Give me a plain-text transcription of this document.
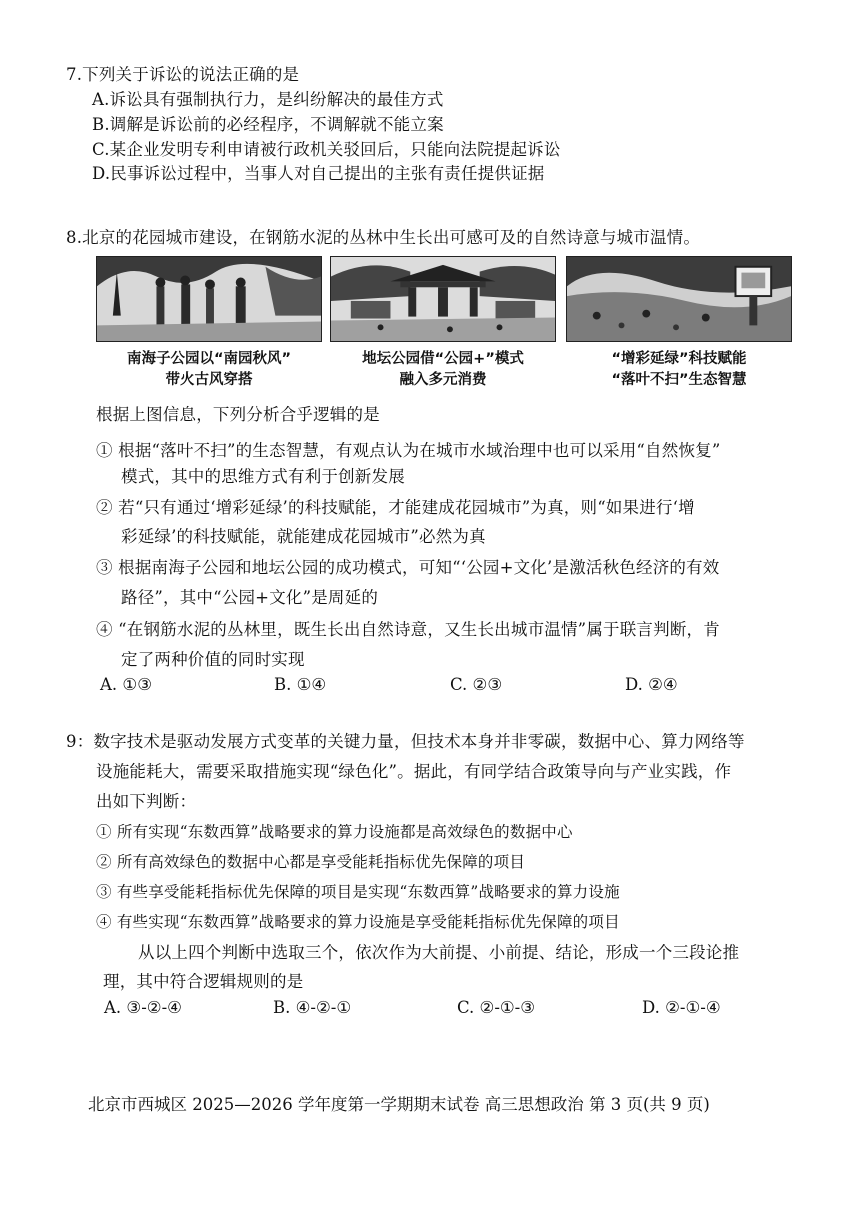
7.下列关于诉讼的说法正确的是
A.诉讼具有强制执行力，是纠纷解决的最佳方式
B.调解是诉讼前的必经程序，不调解就不能立案
C.某企业发明专利申请被行政机关驳回后，只能向法院提起诉讼
D.民事诉讼过程中，当事人对自己提出的主张有责任提供证据
8.北京的花园城市建设，在钢筋水泥的丛林中生长出可感可及的自然诗意与城市温情。
南海子公园以“南园秋风”
带火古风穿搭
地坛公园借“公园+”模式
融入多元消费
“增彩延绿”科技赋能
“落叶不扫”生态智慧
根据上图信息，下列分析合乎逻辑的是
① 根据“落叶不扫”的生态智慧，有观点认为在城市水域治理中也可以采用“自然恢复”
模式，其中的思维方式有利于创新发展
② 若“只有通过‘增彩延绿’的科技赋能，才能建成花园城市”为真，则“如果进行‘增
彩延绿’的科技赋能，就能建成花园城市”必然为真
③ 根据南海子公园和地坛公园的成功模式，可知“‘公园+文化’是激活秋色经济的有效
路径”，其中“公园+文化”是周延的
④ “在钢筋水泥的丛林里，既生长出自然诗意，又生长出城市温情”属于联言判断，肯
定了两种价值的同时实现
A. ①③	B. ①④	C. ②③	D. ②④
9：数字技术是驱动发展方式变革的关键力量，但技术本身并非零碳，数据中心、算力网络等
设施能耗大，需要采取措施实现“绿色化”。据此，有同学结合政策导向与产业实践，作
出如下判断：
① 所有实现“东数西算”战略要求的算力设施都是高效绿色的数据中心
② 所有高效绿色的数据中心都是享受能耗指标优先保障的项目
③ 有些享受能耗指标优先保障的项目是实现“东数西算”战略要求的算力设施
④ 有些实现“东数西算”战略要求的算力设施是享受能耗指标优先保障的项目
从以上四个判断中选取三个，依次作为大前提、小前提、结论，形成一个三段论推
理，其中符合逻辑规则的是
A. ③-②-④	B. ④-②-①	C. ②-①-③	D. ②-①-④
北京市西城区 2025—2026 学年度第一学期期末试卷 高三思想政治 第 3 页(共 9 页)
